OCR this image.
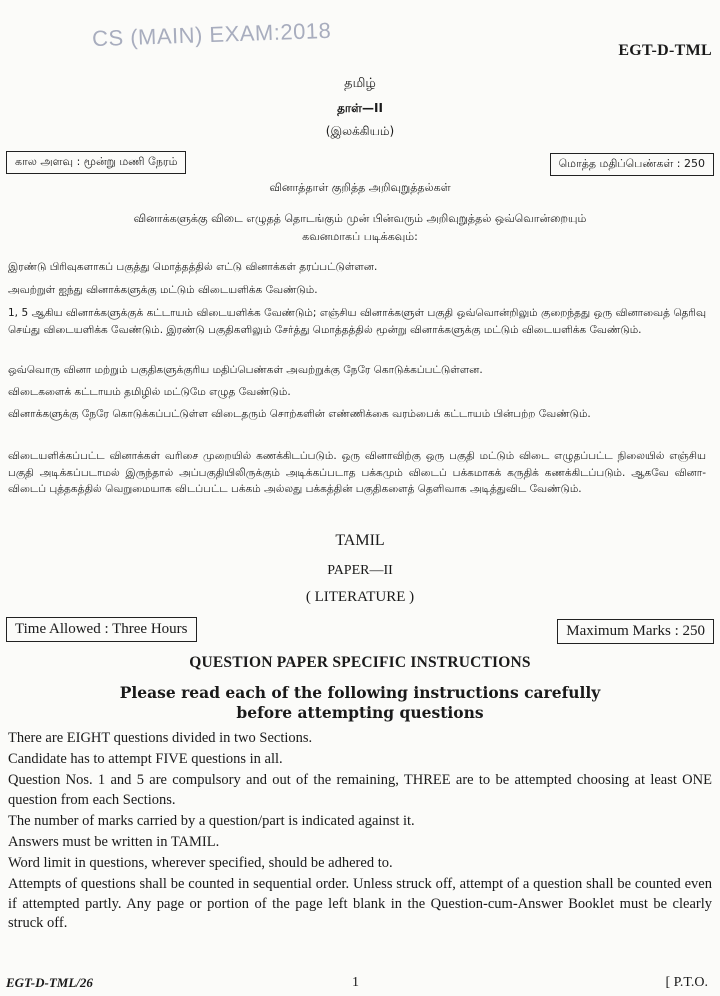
CS (MAIN) EXAM:2018	EGT-D-TML
தமிழ்
தாள்—II
(இலக்கியம்)
கால அளவு : மூன்று மணி நேரம்	மொத்த மதிப்பெண்கள் : 250
வினாத்தாள் குறித்த அறிவுறுத்தல்கள்
வினாக்களுக்கு விடை எழுதத் தொடங்கும் முன் பின்வரும் அறிவுறுத்தல் ஒவ்வொன்றையும்
கவனமாகப் படிக்கவும்:

இரண்டு பிரிவுகளாகப் பகுத்து மொத்தத்தில் எட்டு வினாக்கள் தரப்பட்டுள்ளன.

அவற்றுள் ஐந்து வினாக்களுக்கு மட்டும் விடையளிக்க வேண்டும்.

1, 5 ஆகிய வினாக்களுக்குக் கட்டாயம் விடையளிக்க வேண்டும்; எஞ்சிய வினாக்களுள் பகுதி ஒவ்வொன்றிலும் குறைந்தது ஒரு வினாவைத் தெரிவு செய்து விடையளிக்க வேண்டும். இரண்டு பகுதிகளிலும் சேர்த்து மொத்தத்தில் மூன்று வினாக்களுக்கு மட்டும் விடையளிக்க வேண்டும்.

ஒவ்வொரு வினா மற்றும் பகுதிகளுக்குரிய மதிப்பெண்கள் அவற்றுக்கு நேரே கொடுக்கப்பட்டுள்ளன.

விடைகளைக் கட்டாயம் தமிழில் மட்டுமே எழுத வேண்டும்.

வினாக்களுக்கு நேரே கொடுக்கப்பட்டுள்ள விடைதரும் சொற்களின் எண்ணிக்கை வரம்பைக் கட்டாயம் பின்பற்ற வேண்டும்.

விடையளிக்கப்பட்ட வினாக்கள் வரிசை முறையில் கணக்கிடப்படும். ஒரு வினாவிற்கு ஒரு பகுதி மட்டும் விடை எழுதப்பட்ட நிலையில் எஞ்சிய பகுதி அடிக்கப்படாமல் இருந்தால் அப்பகுதியிலிருக்கும் அடிக்கப்படாத பக்கமும் விடைப் பக்கமாகக் கருதிக் கணக்கிடப்படும். ஆகவே வினா-விடைப் புத்தகத்தில் வெறுமையாக விடப்பட்ட பக்கம் அல்லது பக்கத்தின் பகுதிகளைத் தெளிவாக அடித்துவிட வேண்டும்.

TAMIL
PAPER—II
( LITERATURE )
Time Allowed : Three Hours	Maximum Marks : 250
QUESTION PAPER SPECIFIC INSTRUCTIONS
Please read each of the following instructions carefully
before attempting questions

There are EIGHT questions divided in two Sections.

Candidate has to attempt FIVE questions in all.

Question Nos. 1 and 5 are compulsory and out of the remaining, THREE are to be attempted choosing at least ONE question from each Sections.

The number of marks carried by a question/part is indicated against it.

Answers must be written in TAMIL.

Word limit in questions, wherever specified, should be adhered to.

Attempts of questions shall be counted in sequential order. Unless struck off, attempt of a question shall be counted even if attempted partly. Any page or portion of the page left blank in the Question-cum-Answer Booklet must be clearly struck off.

EGT-D-TML/26	1	[ P.T.O.
